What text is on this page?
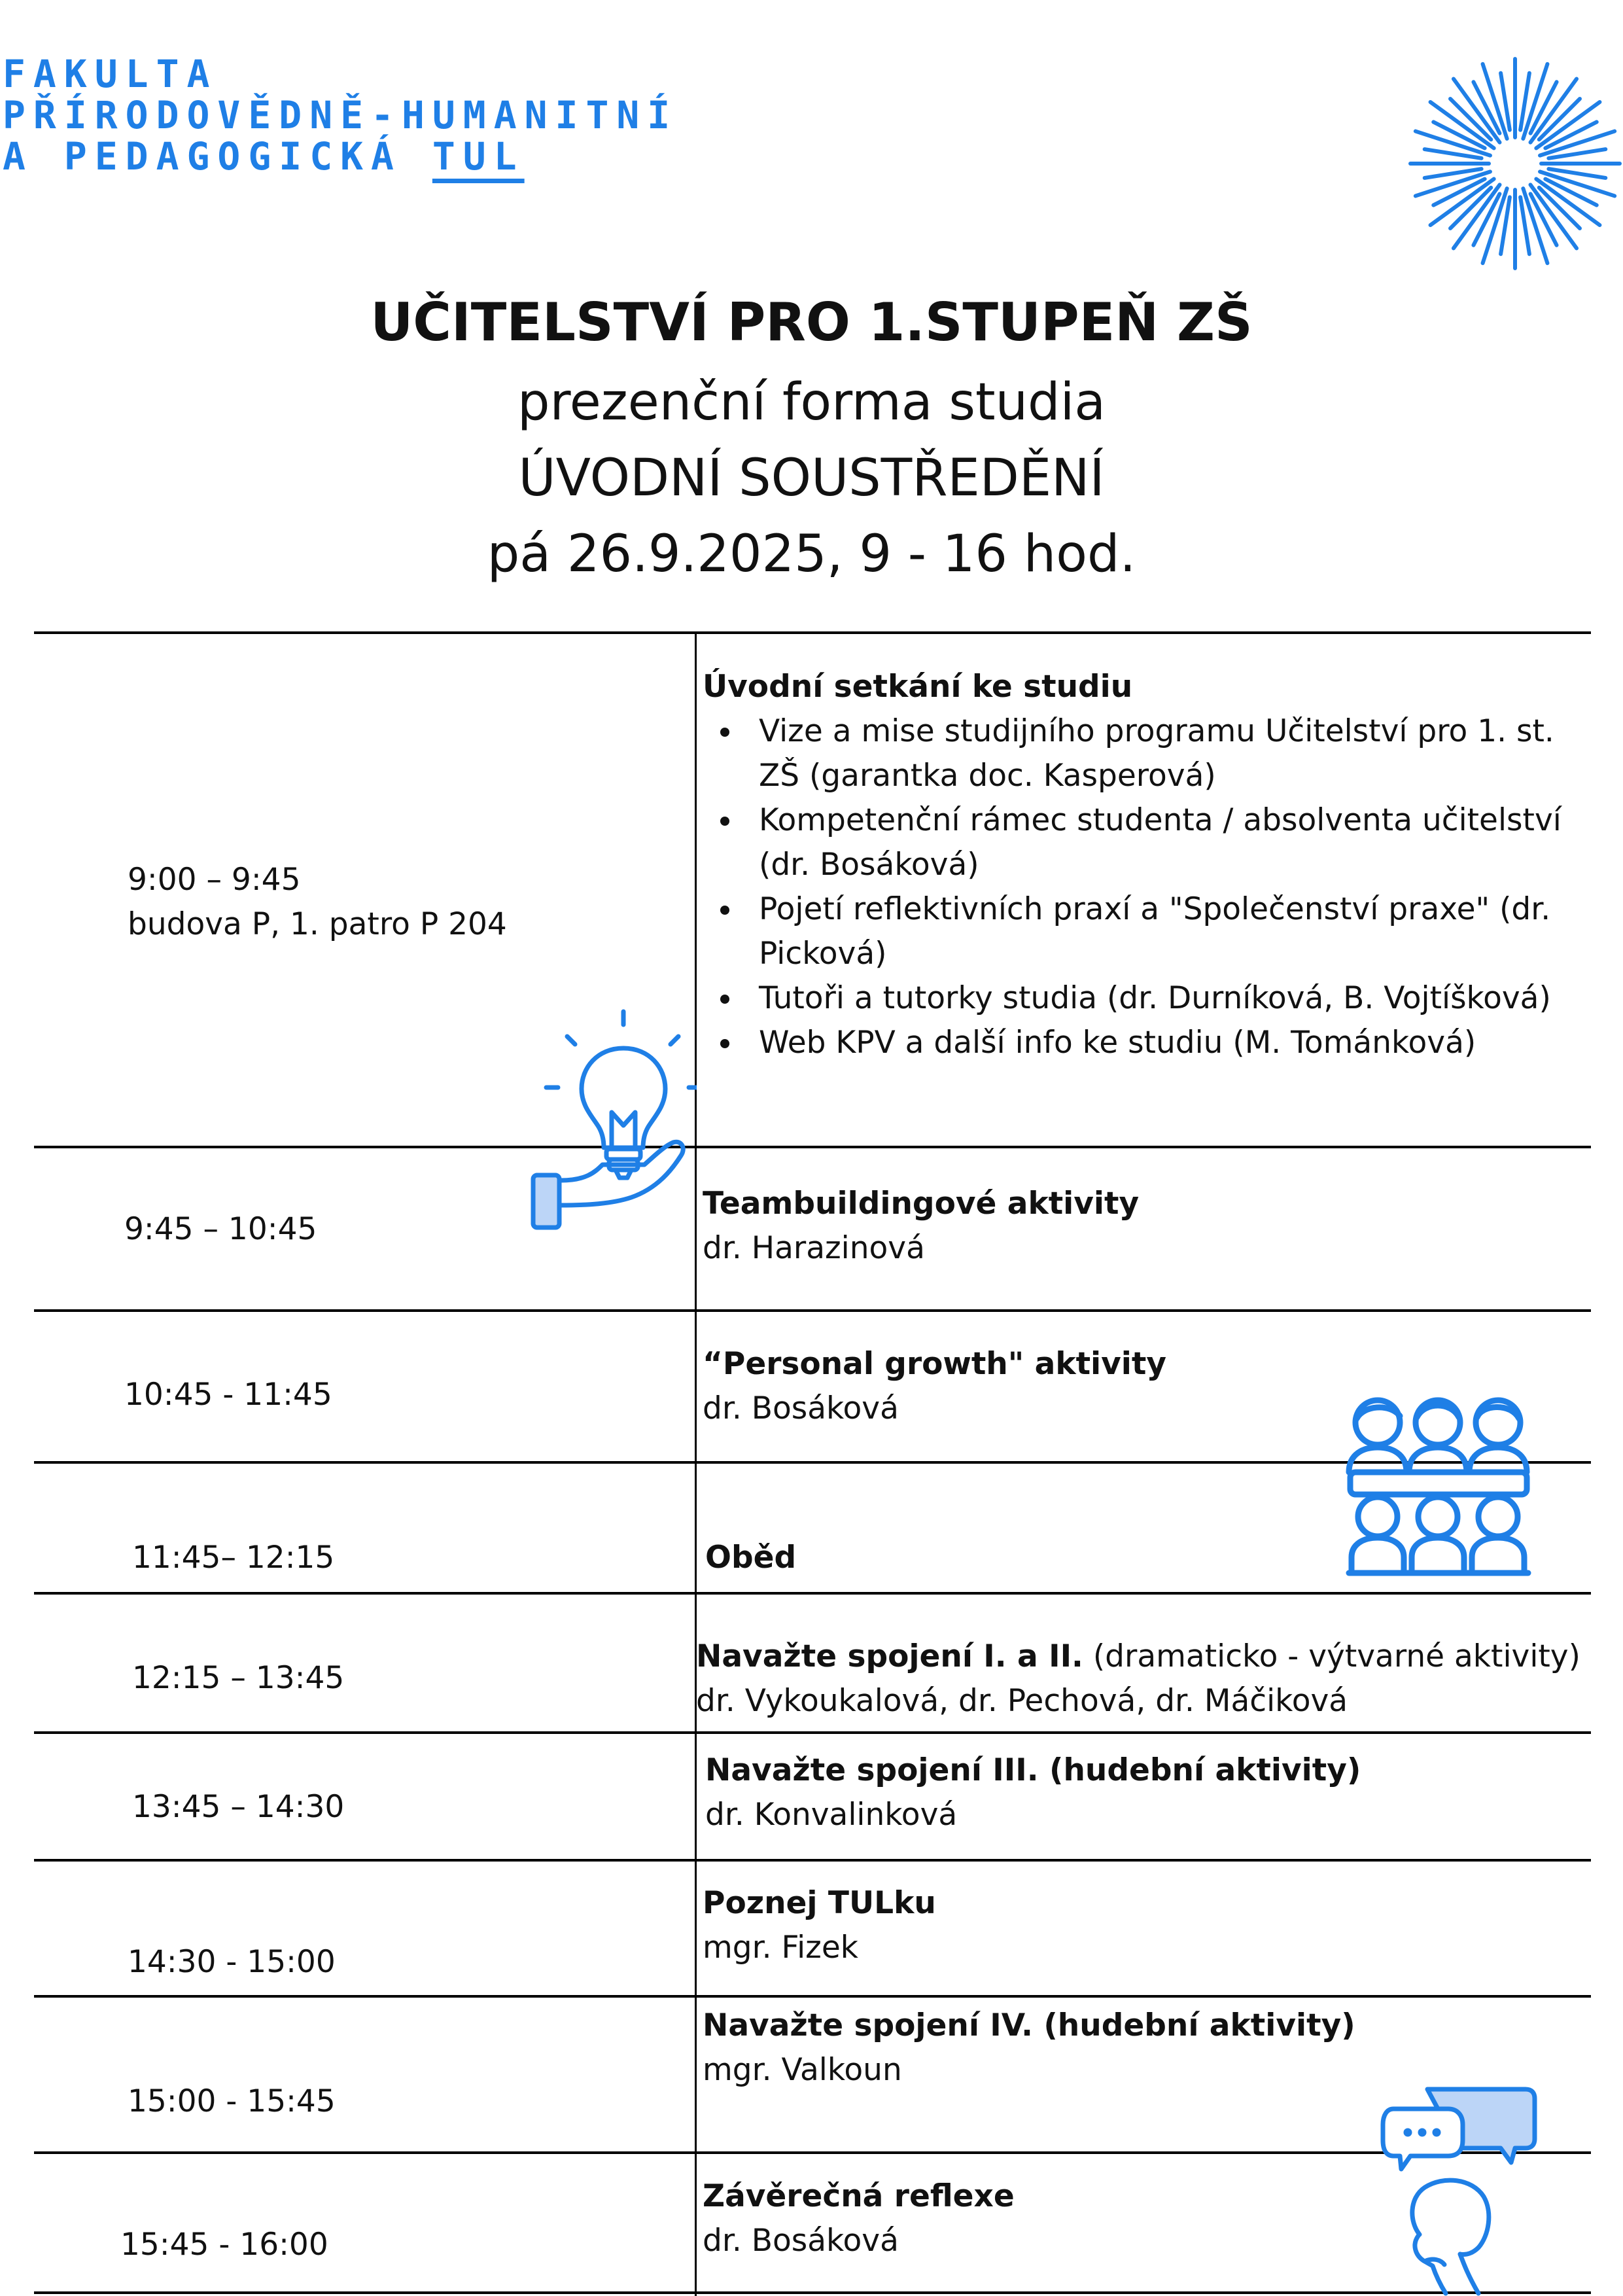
FAKULTA
PŘÍRODOVĚDNĚ-HUMANITNÍ
A PEDAGOGICKÁ TUL
UČITELSTVÍ PRO 1.STUPEŇ ZŠ
prezenční forma studia
ÚVODNÍ SOUSTŘEDĚNÍ
pá 26.9.2025, 9 - 16 hod.
9:00 – 9:45
budova P, 1. patro P 204
Úvodní setkání ke studiu
• Vize a mise studijního programu Učitelství pro 1. st. ZŠ (garantka doc. Kasperová)
• Kompetenční rámec studenta / absolventa učitelství (dr. Bosáková)
• Pojetí reflektivních praxí a "Společenství praxe" (dr. Picková)
• Tutoři a tutorky studia (dr. Durníková, B. Vojtíšková)
• Web KPV a další info ke studiu (M. Tománková)
9:45 – 10:45
Teambuildingové aktivity
dr. Harazinová
10:45 - 11:45
“Personal growth" aktivity
dr. Bosáková
11:45– 12:15	Oběd
12:15 – 13:45
Navažte spojení I. a II. (dramaticko - výtvarné aktivity)
dr. Vykoukalová, dr. Pechová, dr. Máčiková
13:45 – 14:30
Navažte spojení III. (hudební aktivity)
dr. Konvalinková
14:30 - 15:00
Poznej TULku
mgr. Fizek
15:00 - 15:45
Navažte spojení IV. (hudební aktivity)
mgr. Valkoun
15:45 - 16:00
Závěrečná reflexe
dr. Bosáková
